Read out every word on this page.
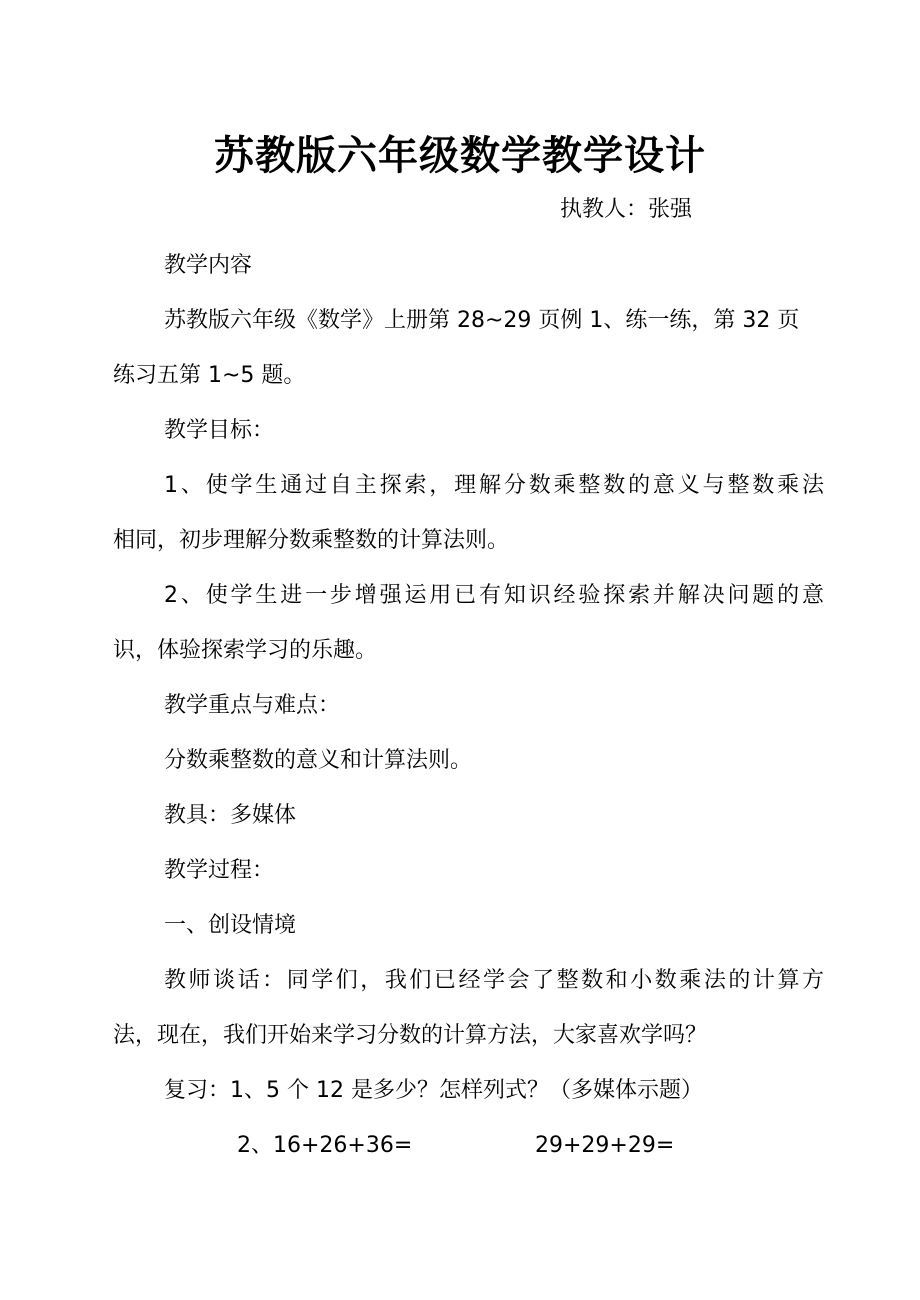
苏教版六年级数学教学设计
执教人：张强
教学内容
苏教版六年级《数学》上册第 28~29 页例 1、练一练，第 32 页
练习五第 1~5 题。
教学目标：
1、使学生通过自主探索，理解分数乘整数的意义与整数乘法
相同，初步理解分数乘整数的计算法则。
2、使学生进一步增强运用已有知识经验探索并解决问题的意
识，体验探索学习的乐趣。
教学重点与难点：
分数乘整数的意义和计算法则。
教具：多媒体
教学过程：
一、创设情境
教师谈话：同学们，我们已经学会了整数和小数乘法的计算方
法，现在，我们开始来学习分数的计算方法，大家喜欢学吗？
复习：1、5 个 12 是多少？怎样列式？（多媒体示题）
2、16+26+36=	29+29+29=
